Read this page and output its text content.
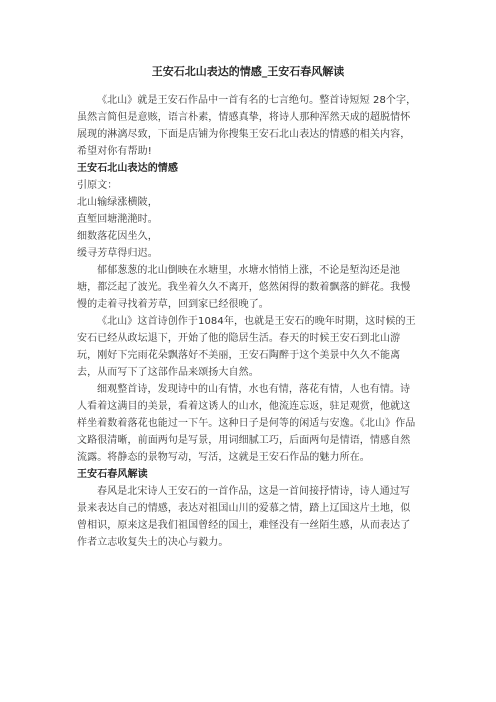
王安石北山表达的情感_王安石春风解读

《北山》就是王安石作品中一首有名的七言绝句。整首诗短短 28个字，虽然言简但是意赅，语言朴素，情感真挚，将诗人那种浑然天成的超脱情怀展现的淋漓尽致，下面是店铺为你搜集王安石北山表达的情感的相关内容，希望对你有帮助!

王安石北山表达的情感

引原文：

北山输绿涨横陂，

直堑回塘滟滟时。

细数落花因坐久，

缓寻芳草得归迟。

郁郁葱葱的北山倒映在水塘里，水塘水悄悄上涨，不论是堑沟还是池塘，都泛起了波光。我坐着久久不离开，悠然闲得的数着飘落的鲜花。我慢慢的走着寻找着芳草，回到家已经很晚了。

《北山》这首诗创作于1084年，也就是王安石的晚年时期，这时候的王安石已经从政坛退下，开始了他的隐居生活。春天的时候王安石到北山游玩，刚好下完雨花朵飘落好不美丽，王安石陶醉于这个美景中久久不能离去，从而写下了这部作品来颂扬大自然。

细观整首诗，发现诗中的山有情，水也有情，落花有情，人也有情。诗人看着这满目的美景，看着这诱人的山水，他流连忘返，驻足观赏，他就这样坐着数着落花也能过一下午。这种日子是何等的闲适与安逸。《北山》作品文路很清晰，前面两句是写景，用词细腻工巧，后面两句是情语，情感自然流露。将静态的景物写动，写活，这就是王安石作品的魅力所在。

王安石春风解读

春风是北宋诗人王安石的一首作品，这是一首间接抒情诗，诗人通过写景来表达自己的情感，表达对祖国山川的爱慕之情，踏上辽国这片土地，似曾相识，原来这是我们祖国曾经的国土，难怪没有一丝陌生感，从而表达了作者立志收复失土的决心与毅力。
